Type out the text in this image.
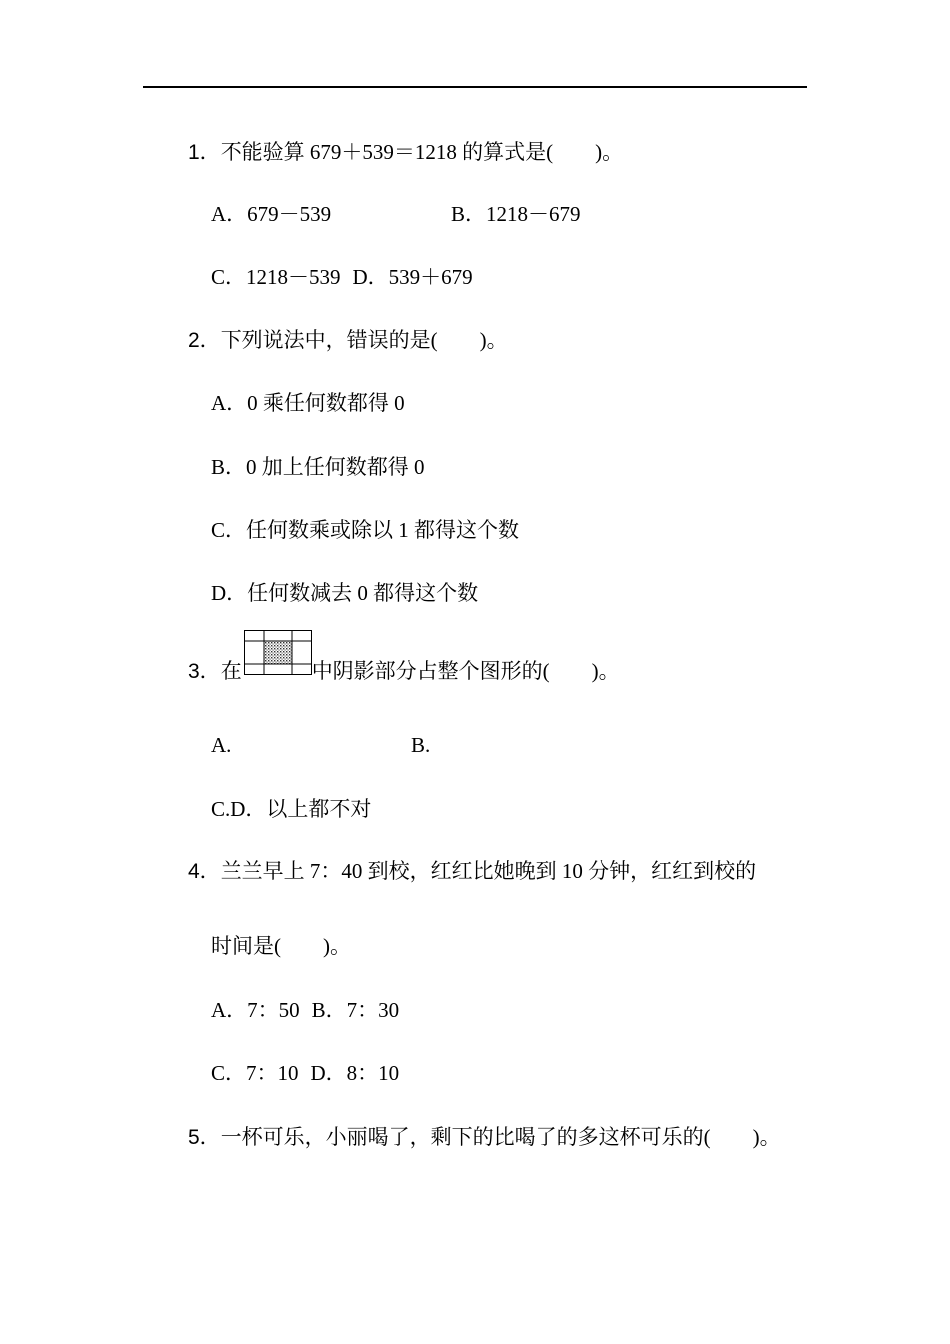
1．不能验算 679＋539＝1218 的算式是(　　)。
A．679－539	B．1218－679
C．1218－539 D．539＋679
2．下列说法中，错误的是(　　)。
A．0 乘任何数都得 0
B．0 加上任何数都得 0
C．任何数乘或除以 1 都得这个数
D．任何数减去 0 都得这个数
3．在	中阴影部分占整个图形的(　　)。
A.	B.
C.D．以上都不对
4．兰兰早上 7：40 到校，红红比她晚到 10 分钟，红红到校的
时间是(　　)。
A．7：50 B．7：30
C．7：10 D．8：10
5．一杯可乐，小丽喝了，剩下的比喝了的多这杯可乐的(　　)。
